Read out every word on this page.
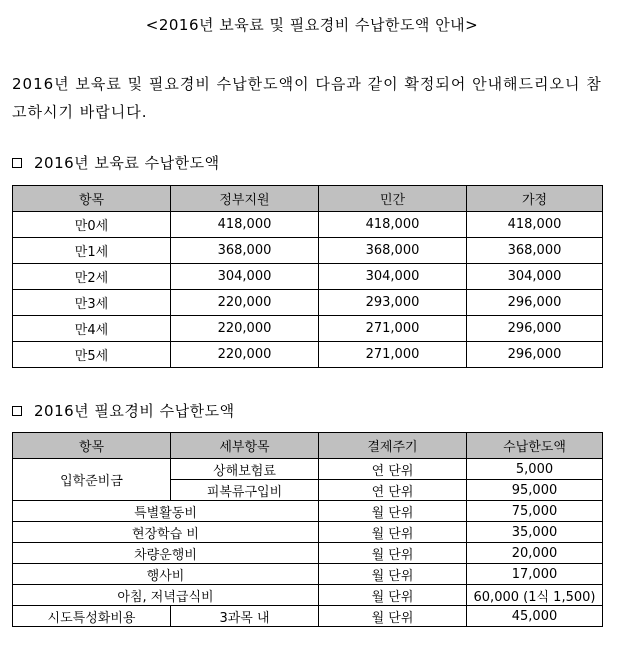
<2016년 보육료 및 필요경비 수납한도액 안내>
2016년 보육료 및 필요경비 수납한도액이 다음과 같이 확정되어 안내해드리오니 참고하시기 바랍니다.
2016년 보육료 수납한도액
항목	정부지원	민간	가정
만0세	418,000	418,000	418,000
만1세	368,000	368,000	368,000
만2세	304,000	304,000	304,000
만3세	220,000	293,000	296,000
만4세	220,000	271,000	296,000
만5세	220,000	271,000	296,000
2016년 필요경비 수납한도액
항목	세부항목	결제주기	수납한도액
입학준비금	상해보험료	연 단위	5,000
	피복류구입비	연 단위	95,000
특별활동비		월 단위	75,000
현장학습 비		월 단위	35,000
차량운행비		월 단위	20,000
행사비		월 단위	17,000
아침, 저녁급식비		월 단위	60,000 (1식 1,500)
시도특성화비용	3과목 내	월 단위	45,000
